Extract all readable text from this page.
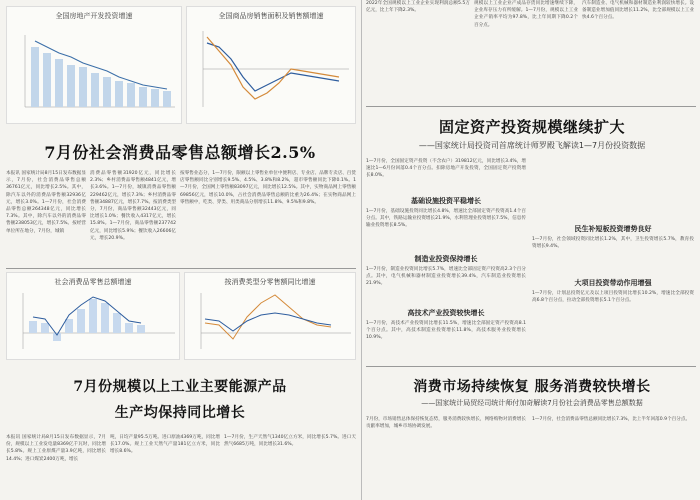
全国房地产开发投资增速	全国商品房销售面积及销售额增速
7月份社会消费品零售总额增长2.5%
本报讯 国家统计局8月15日发布数据显示，7月份，社会消费品零售总额36761亿元，同比增长2.5%。其中，除汽车以外的消费品零售额32936亿元，增长3.0%。1—7月份，社会消费品零售总额264348亿元，同比增长7.3%。其中，除汽车以外的消费品零售额238053亿元，增长7.5%。按经营单位所在地分，7月份，城镇
消费品零售额31920亿元，同比增长2.3%；乡村消费品零售额4841亿元，增长3.6%。1—7月份，城镇消费品零售额229462亿元，增长7.3%；乡村消费品零售额34887亿元，增长7.7%。按消费类型分，7月份，商品零售额32443亿元，同比增长1.0%；餐饮收入4317亿元，增长15.8%。1—7月份，商品零售额237742亿元，同比增长5.9%；餐饮收入26606亿元，增长20.9%。
按零售业态分，1—7月份，限额以上零售业单位中便利店、专业店、品牌专卖店、百货店零售额同比分别增长9.5%、4.5%、3.8%和8.2%，超市零售额同比下降0.1%。1—7月份，全国网上零售额83097亿元，同比增长12.5%。其中，实物商品网上零售额69856亿元，增长10.0%，占社会消费品零售总额的比重为26.4%；在实物商品网上零售额中，吃类、穿类、用类商品分别增长11.8%、9.5%和9.8%。
社会消费品零售总额增速	按消费类型分零售额同比增速
7月份规模以上工业主要能源产品
生产均保持同比增长
本报讯 国家统计局8月15日发布数据显示，7月份，规模以上工业发电量8369亿千瓦时，同比增长5.8%。规上工业原煤产量3.9亿吨，同比增长14.4%；进口煤炭2400万吨，增长
吨，日均产量95.5万吨。进口原油4369万吨，同比增长17.0%。规上工业天然气产量181亿立方米，同比增长8.6%。
1—7月份，生产天然气1340亿立方米，同比增长5.7%。进口天然气6685万吨，同比增长31.6%。
2022年全国规模以上工业企业实现利润总额5.5万亿元，比上年下降2.3%。
规模以上工业企业产成品存货同比增速继续下降，企业库存压力有所缓解。1—7月份，规模以上工业企业产销率平均为97.8%，比上年同期下降0.2个百分点。
汽车制造业、电气机械和器材制造业利润较快增长。设备制造业增加值同比增长11.2%，比全部规模以上工业快4.6个百分点。
固定资产投资规模继续扩大
——国家统计局投资司首席统计师罗殿飞解读1—7月份投资数据
1—7月份，全国固定资产投资（不含农户）319812亿元，同比增长3.4%，增速比1—6月份回落0.4个百分点。扣除房地产开发投资，全国固定资产投资增长8.0%。
基础设施投资平稳增长
1—7月份，基础设施投资同比增长4.8%，增速比全部固定资产投资高1.4个百分点。其中，铁路运输业投资增长21.9%，水利管理业投资增长7.5%，信息传输业投资增长8.5%。
制造业投资保持增长
1—7月份，制造业投资同比增长5.7%，增速比全部固定资产投资高2.3个百分点。其中，电气机械和器材制造业投资增长39.4%，汽车制造业投资增长21.9%。
高技术产业投资较快增长
1—7月份，高技术产业投资同比增长11.5%，增速比全部固定资产投资高8.1个百分点。其中，高技术制造业投资增长11.8%，高技术服务业投资增长10.9%。
民生补短板投资增势良好
1—7月份，社会领域投资同比增长1.2%，其中，卫生投资增长5.7%，教育投资增长9.4%。
大项目投资带动作用增强
1—7月份，计划总投资亿元及以上项目投资同比增长10.2%，增速比全部投资高6.8个百分点，拉动全部投资增长5.1个百分点。
消费市场持续恢复 服务消费较快增长
——国家统计局贸经司统计师付加奇解读7月份社会消费品零售总额数据
7月份，市场销售总体保持恢复态势，服务消费较快增长，网络购物对消费增长贡献率增加，城乡市场协调发展。
1—7月份，社会消费品零售总额同比增长7.3%，比上半年回落0.9个百分点。
